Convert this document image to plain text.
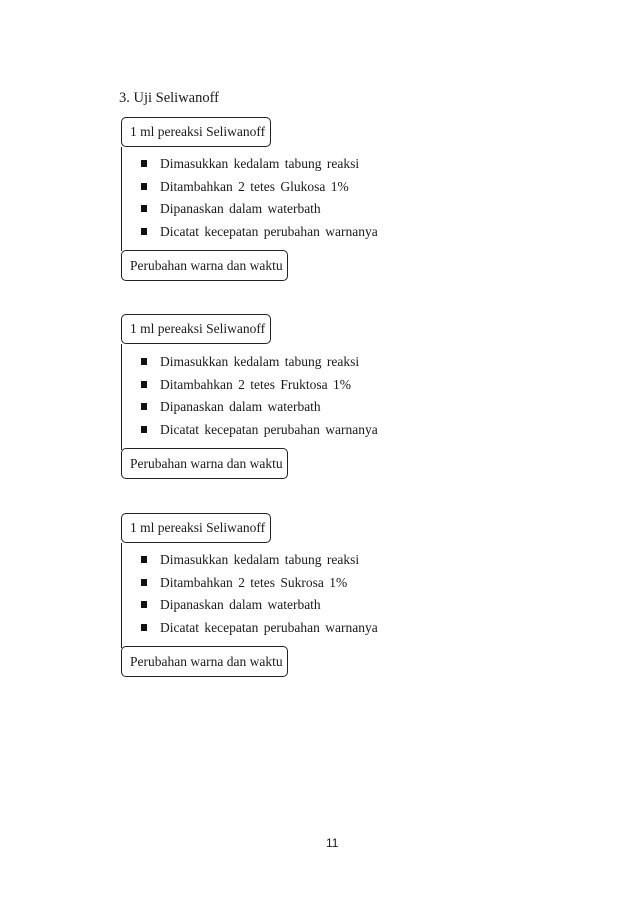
3. Uji Seliwanoff
1 ml pereaksi Seliwanoff
Dimasukkan kedalam tabung reaksi
Ditambahkan 2 tetes Glukosa 1%
Dipanaskan dalam waterbath
Dicatat kecepatan perubahan warnanya
Perubahan warna dan waktu
1 ml pereaksi Seliwanoff
Dimasukkan kedalam tabung reaksi
Ditambahkan 2 tetes Fruktosa 1%
Dipanaskan dalam waterbath
Dicatat kecepatan perubahan warnanya
Perubahan warna dan waktu
1 ml pereaksi Seliwanoff
Dimasukkan kedalam tabung reaksi
Ditambahkan 2 tetes Sukrosa 1%
Dipanaskan dalam waterbath
Dicatat kecepatan perubahan warnanya
Perubahan warna dan waktu
11
